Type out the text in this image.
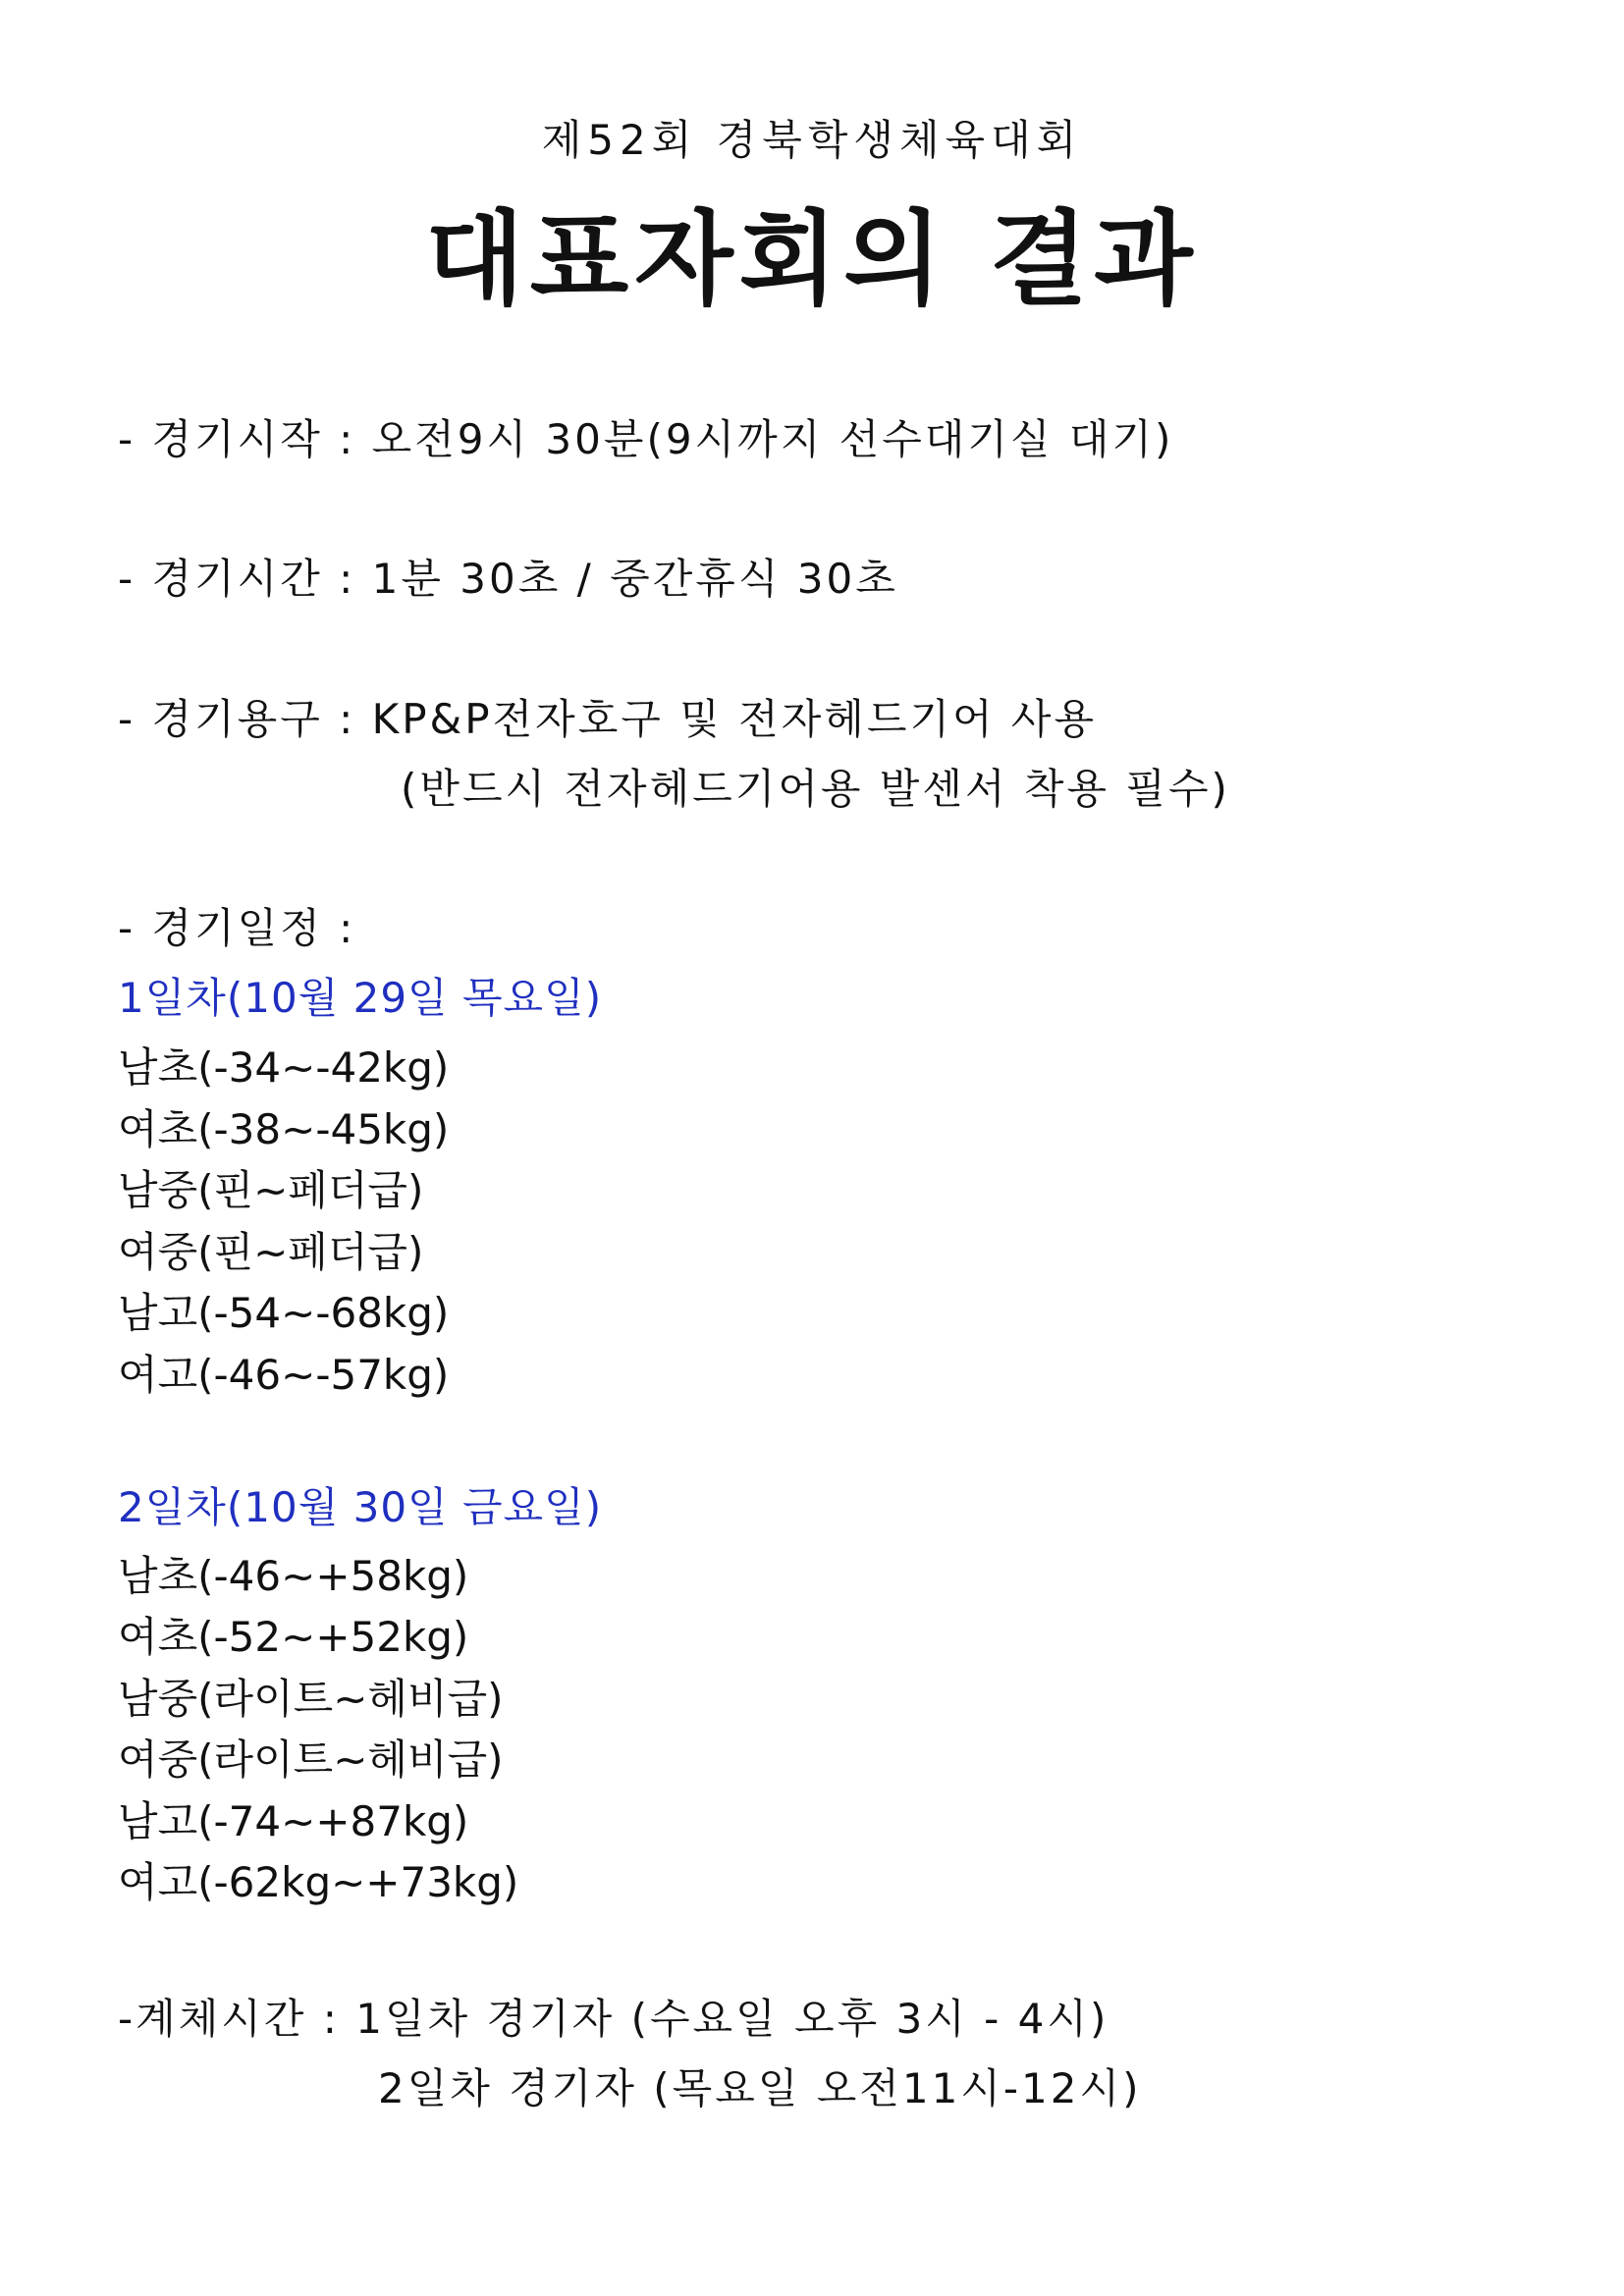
제52회 경북학생체육대회
대표자회의 결과
- 경기시작 : 오전9시 30분(9시까지 선수대기실 대기)
- 경기시간 : 1분 30초 / 중간휴식 30초
- 경기용구 : KP&P전자호구 및 전자헤드기어 사용
(반드시 전자헤드기어용 발센서 착용 필수)
- 경기일정 :
1일차(10월 29일 목요일)
남초(-34~-42kg)
여초(-38~-45kg)
남중(핀~페더급)
여중(핀~페더급)
남고(-54~-68kg)
여고(-46~-57kg)
2일차(10월 30일 금요일)
남초(-46~+58kg)
여초(-52~+52kg)
남중(라이트~헤비급)
여중(라이트~헤비급)
남고(-74~+87kg)
여고(-62kg~+73kg)
-계체시간 : 1일차 경기자 (수요일 오후 3시 - 4시)
2일차 경기자 (목요일 오전11시-12시)
